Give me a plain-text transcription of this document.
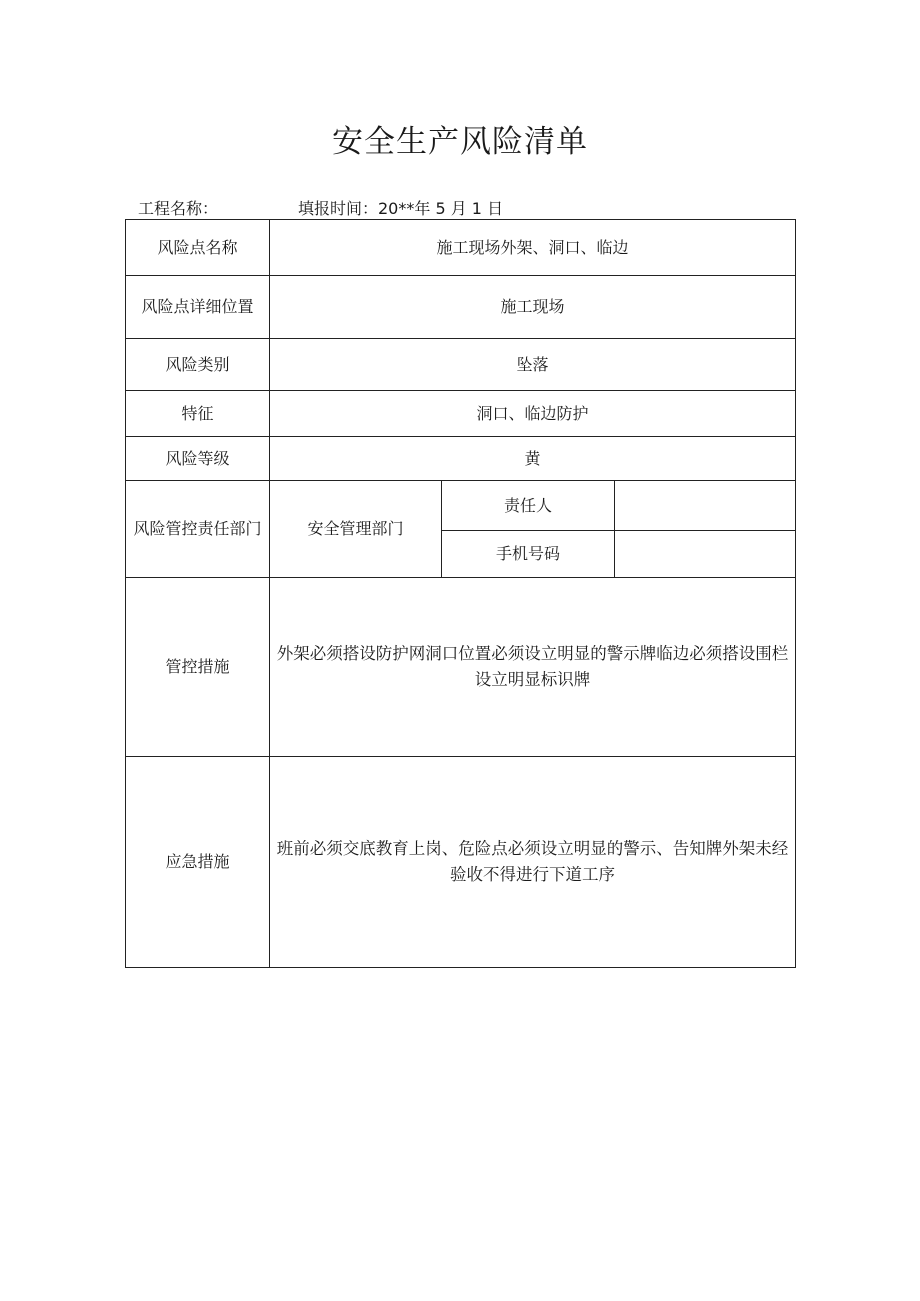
安全生产风险清单
工程名称：	填报时间：20**年 5 月 1 日
风险点名称	施工现场外架、洞口、临边		
风险点详细位置	施工现场		
风险类别	坠落		
特征	洞口、临边防护		
风险等级	黄		
风险管控责任部门	安全管理部门	责任人	
		手机号码	
管控措施	外架必须搭设防护网洞口位置必须设立明显的警示牌临边必须搭设围栏设立明显标识牌		
应急措施	班前必须交底教育上岗、危险点必须设立明显的警示、告知牌外架未经验收不得进行下道工序		
